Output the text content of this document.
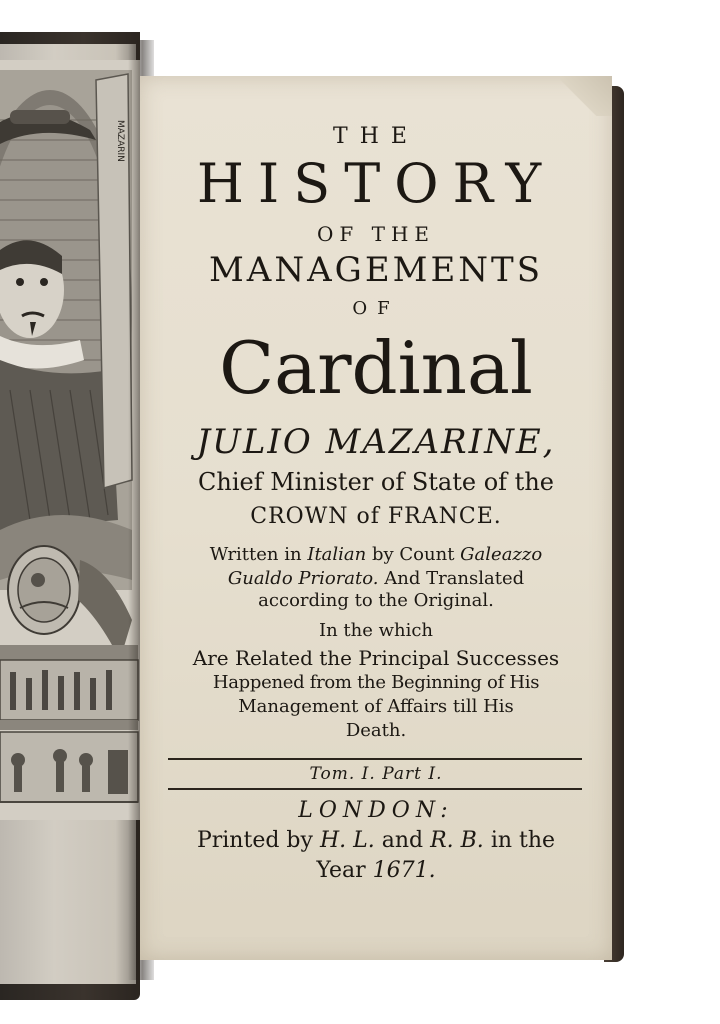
MAZARIN	THE
HISTORY
OF THE
MANAGEMENTS
OF
Cardinal
JULIO MAZARINE,
Chief Minister of State of the
CROWN of FRANCE.
Written in Italian by Count Galeazzo
Gualdo Priorato. And Translated
according to the Original.
In the which
Are Related the Principal Successes
Happened from the Beginning of His
Management of Affairs till His
Death.
Tom. I. Part I.
LONDON:
Printed by H. L. and R. B. in the
Year 1671.
